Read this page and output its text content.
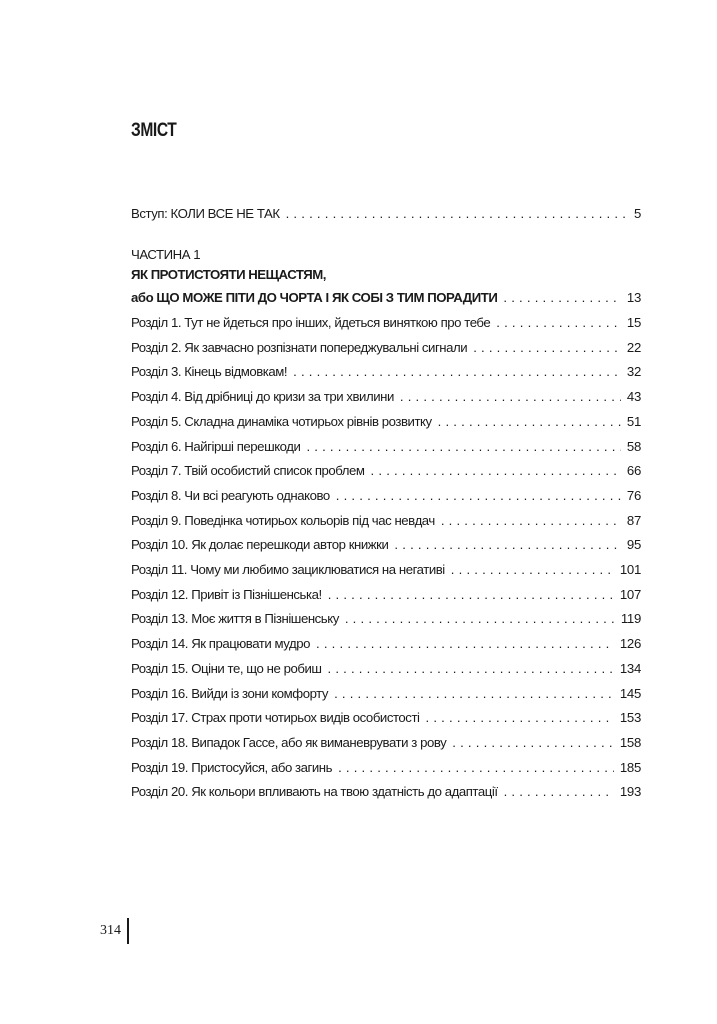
ЗМІСТ
Вступ: КОЛИ ВСЕ НЕ ТАК . . .	5
ЧАСТИНА 1
ЯК ПРОТИСТОЯТИ НЕЩАСТЯМ,
або ЩО МОЖЕ ПІТИ ДО ЧОРТА І ЯК СОБІ З ТИМ ПОРАДИТИ . . .	13
Розділ 1. Тут не йдеться про інших, йдеться виняткою про тебе . . .	15
Розділ 2. Як завчасно розпізнати попереджувальні сигнали . . .	22
Розділ 3. Кінець відмовкам! . . .	32
Розділ 4. Від дрібниці до кризи за три хвилини . . .	43
Розділ 5. Складна динаміка чотирьох рівнів розвитку . . .	51
Розділ 6. Найгірші перешкоди . . .	58
Розділ 7. Твій особистий список проблем . . .	66
Розділ 8. Чи всі реагують однаково . . .	76
Розділ 9. Поведінка чотирьох кольорів під час невдач . . .	87
Розділ 10. Як долає перешкоди автор книжки . . .	95
Розділ 11. Чому ми любимо зациклюватися на негативі . . .	101
Розділ 12. Привіт із Пізнішенська! . . .	107
Розділ 13. Моє життя в Пізнішенську . . .	119
Розділ 14. Як працювати мудро . . .	126
Розділ 15. Оціни те, що не робиш . . .	134
Розділ 16. Вийди із зони комфорту . . .	145
Розділ 17. Страх проти чотирьох видів особистості . . .	153
Розділ 18. Випадок Гассе, або як виманеврувати з рову . . .	158
Розділ 19. Пристосуйся, або загинь . . .	185
Розділ 20. Як кольори впливають на твою здатність до адаптації . . .	193
314
